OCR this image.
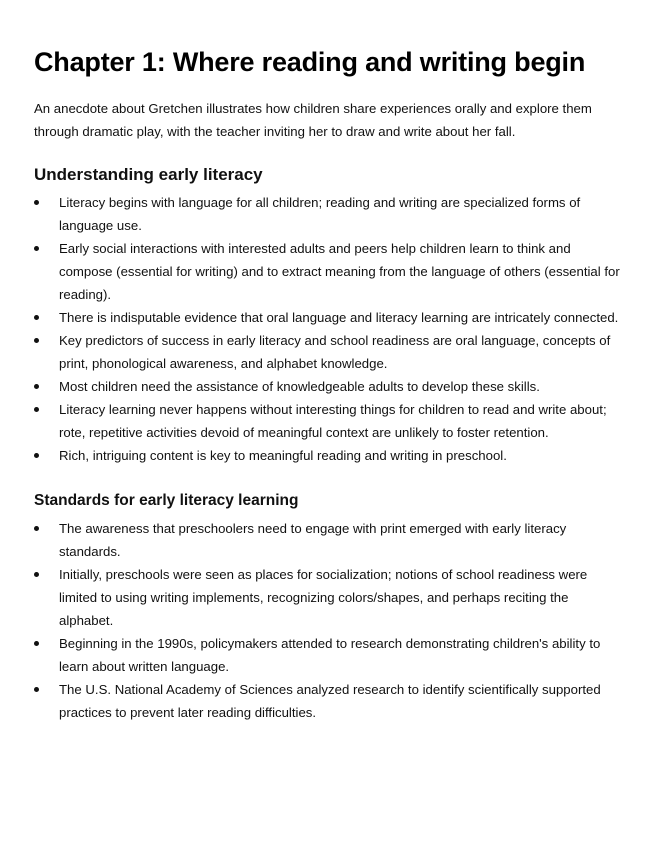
Chapter 1: Where reading and writing begin

An anecdote about Gretchen illustrates how children share experiences orally and explore them through dramatic play, with the teacher inviting her to draw and write about her fall.

Understanding early literacy
Literacy begins with language for all children; reading and writing are specialized forms of language use.
Early social interactions with interested adults and peers help children learn to think and compose (essential for writing) and to extract meaning from the language of others (essential for reading).
There is indisputable evidence that oral language and literacy learning are intricately connected.
Key predictors of success in early literacy and school readiness are oral language, concepts of print, phonological awareness, and alphabet knowledge.
Most children need the assistance of knowledgeable adults to develop these skills.
Literacy learning never happens without interesting things for children to read and write about; rote, repetitive activities devoid of meaningful context are unlikely to foster retention.
Rich, intriguing content is key to meaningful reading and writing in preschool.
Standards for early literacy learning
The awareness that preschoolers need to engage with print emerged with early literacy standards.
Initially, preschools were seen as places for socialization; notions of school readiness were limited to using writing implements, recognizing colors/shapes, and perhaps reciting the alphabet.
Beginning in the 1990s, policymakers attended to research demonstrating children's ability to learn about written language.
The U.S. National Academy of Sciences analyzed research to identify scientifically supported practices to prevent later reading difficulties.
